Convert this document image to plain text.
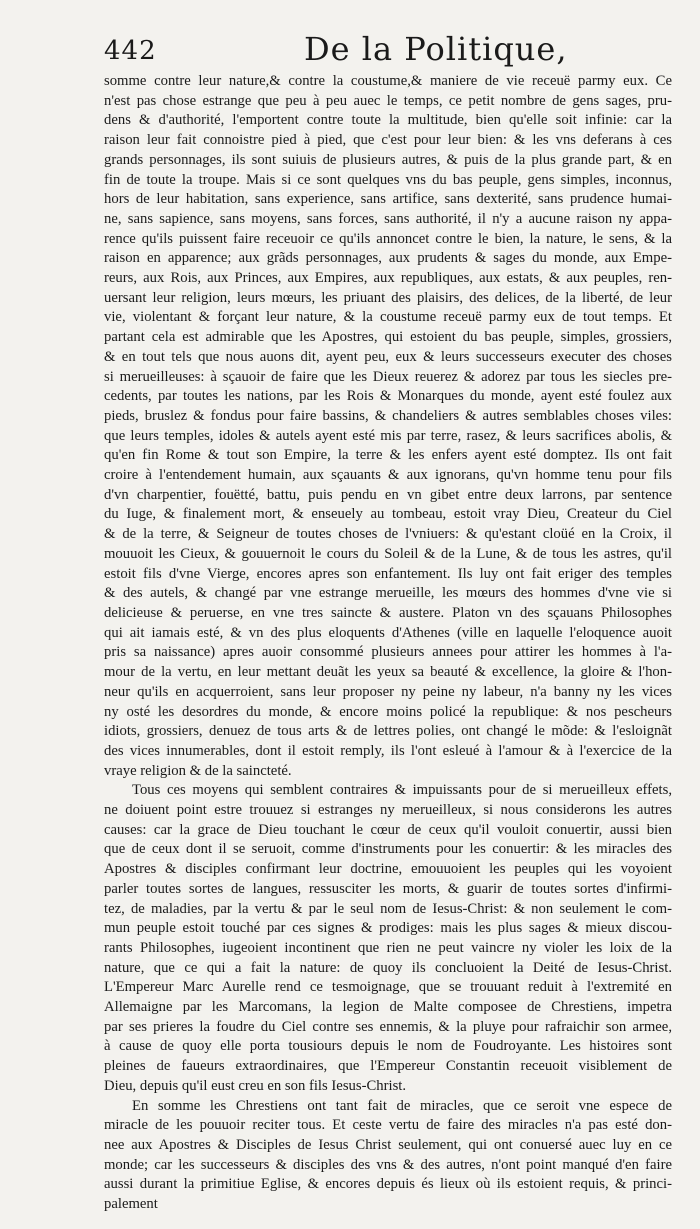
442	De la Politique,
somme contre leur nature,& contre la coustume,& maniere de vie receuë parmy eux. Ce
n'est pas chose estrange que peu à peu auec le temps, ce petit nombre de gens sages, pru-
dens & d'authorité, l'emportent contre toute la multitude, bien qu'elle soit infinie: car la
raison leur fait connoistre pied à pied, que c'est pour leur bien: & les vns deferans à ces
grands personnages, ils sont suiuis de plusieurs autres, & puis de la plus grande part, & en
fin de toute la troupe. Mais si ce sont quelques vns du bas peuple, gens simples, inconnus,
hors de leur habitation, sans experience, sans artifice, sans dexterité, sans prudence humai-
ne, sans sapience, sans moyens, sans forces, sans authorité, il n'y a aucune raison ny appa-
rence qu'ils puissent faire receuoir ce qu'ils annoncet contre le bien, la nature, le sens, & la
raison en apparence; aux grãds personnages, aux prudents & sages du monde, aux Empe-
reurs, aux Rois, aux Princes, aux Empires, aux republiques, aux estats, & aux peuples, ren-
uersant leur religion, leurs mœurs, les priuant des plaisirs, des delices, de la liberté, de leur
vie, violentant & forçant leur nature, & la coustume receuë parmy eux de tout temps. Et
partant cela est admirable que les Apostres, qui estoient du bas peuple, simples, grossiers,
& en tout tels que nous auons dit, ayent peu, eux & leurs successeurs executer des choses
si merueilleuses: à sçauoir de faire que les Dieux reuerez & adorez par tous les siecles pre-
cedents, par toutes les nations, par les Rois & Monarques du monde, ayent esté foulez aux
pieds, bruslez & fondus pour faire bassins, & chandeliers & autres semblables choses viles:
que leurs temples, idoles & autels ayent esté mis par terre, rasez, & leurs sacrifices abolis, &
qu'en fin Rome & tout son Empire, la terre & les enfers ayent esté domptez. Ils ont fait
croire à l'entendement humain, aux sçauants & aux ignorans, qu'vn homme tenu pour fils
d'vn charpentier, fouëtté, battu, puis pendu en vn gibet entre deux larrons, par sentence
du Iuge, & finalement mort, & enseuely au tombeau, estoit vray Dieu, Createur du Ciel
& de la terre, & Seigneur de toutes choses de l'vniuers: & qu'estant cloüé en la Croix, il
mouuoit les Cieux, & gouuernoit le cours du Soleil & de la Lune, & de tous les astres, qu'il
estoit fils d'vne Vierge, encores apres son enfantement. Ils luy ont fait eriger des temples
& des autels, & changé par vne estrange merueille, les mœurs des hommes d'vne vie si
delicieuse & peruerse, en vne tres saincte & austere. Platon vn des sçauans Philosophes
qui ait iamais esté, & vn des plus eloquents d'Athenes (ville en laquelle l'eloquence auoit
pris sa naissance) apres auoir consommé plusieurs annees pour attirer les hommes à l'a-
mour de la vertu, en leur mettant deuãt les yeux sa beauté & excellence, la gloire & l'hon-
neur qu'ils en acquerroient, sans leur proposer ny peine ny labeur, n'a banny ny les vices
ny osté les desordres du monde, & encore moins policé la republique: & nos pescheurs
idiots, grossiers, denuez de tous arts & de lettres polies, ont changé le mõde: & l'esloignãt
des vices innumerables, dont il estoit remply, ils l'ont esleué à l'amour & à l'exercice de la
vraye religion & de la saincteté.
Tous ces moyens qui semblent contraires & impuissants pour de si merueilleux effets,
ne doiuent point estre trouuez si estranges ny merueilleux, si nous considerons les autres
causes: car la grace de Dieu touchant le cœur de ceux qu'il vouloit conuertir, aussi bien
que de ceux dont il se seruoit, comme d'instruments pour les conuertir: & les miracles des
Apostres & disciples confirmant leur doctrine, emouuoient les peuples qui les voyoient
parler toutes sortes de langues, ressusciter les morts, & guarir de toutes sortes d'infirmi-
tez, de maladies, par la vertu & par le seul nom de Iesus-Christ: & non seulement le com-
mun peuple estoit touché par ces signes & prodiges: mais les plus sages & mieux discou-
rants Philosophes, iugeoient incontinent que rien ne peut vaincre ny violer les loix de la
nature, que ce qui a fait la nature: de quoy ils concluoient la Deité de Iesus-Christ.
L'Empereur Marc Aurelle rend ce tesmoignage, que se trouuant reduit à l'extremité en
Allemaigne par les Marcomans, la legion de Malte composee de Chrestiens, impetra
par ses prieres la foudre du Ciel contre ses ennemis, & la pluye pour rafraichir son armee,
à cause de quoy elle porta tousiours depuis le nom de Foudroyante. Les histoires sont
pleines de faueurs extraordinaires, que l'Empereur Constantin receuoit visiblement de
Dieu, depuis qu'il eust creu en son fils Iesus-Christ.
En somme les Chrestiens ont tant fait de miracles, que ce seroit vne espece de
miracle de les pouuoir reciter tous. Et ceste vertu de faire des miracles n'a pas esté don-
nee aux Apostres & Disciples de Iesus Christ seulement, qui ont conuersé auec luy en ce
monde; car les successeurs & disciples des vns & des autres, n'ont point manqué d'en faire
aussi durant la primitiue Eglise, & encores depuis és lieux où ils estoient requis, & princi-
palement
